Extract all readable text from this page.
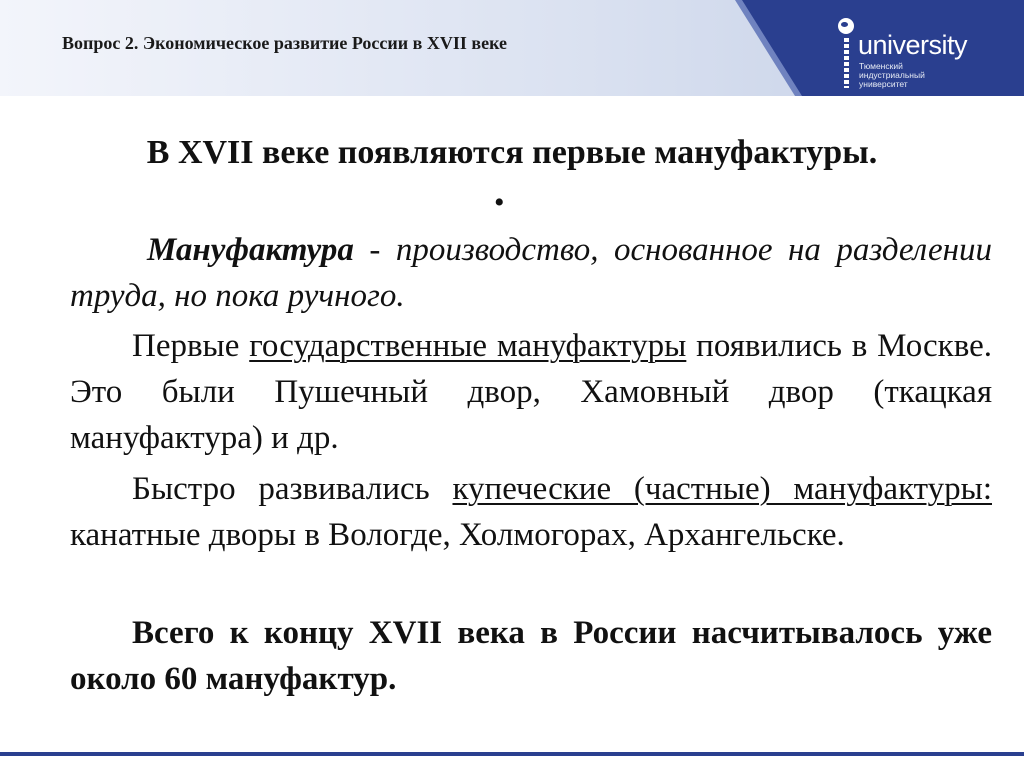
Вопрос 2. Экономическое развитие России в XVII веке	university
Тюменский
индустриальный
университет
В XVII веке появляются первые мануфактуры.
•
Мануфактура - производство, основанное на разделении труда, но пока ручного.
Первые государственные мануфактуры появились в Москве. Это были Пушечный двор, Хамовный двор (ткацкая мануфактура) и др.
Быстро развивались купеческие (частные) мануфактуры: канатные дворы в Вологде, Холмогорах, Архангельске.
Всего к концу XVII века в России насчитывалось уже около 60 мануфактур.
